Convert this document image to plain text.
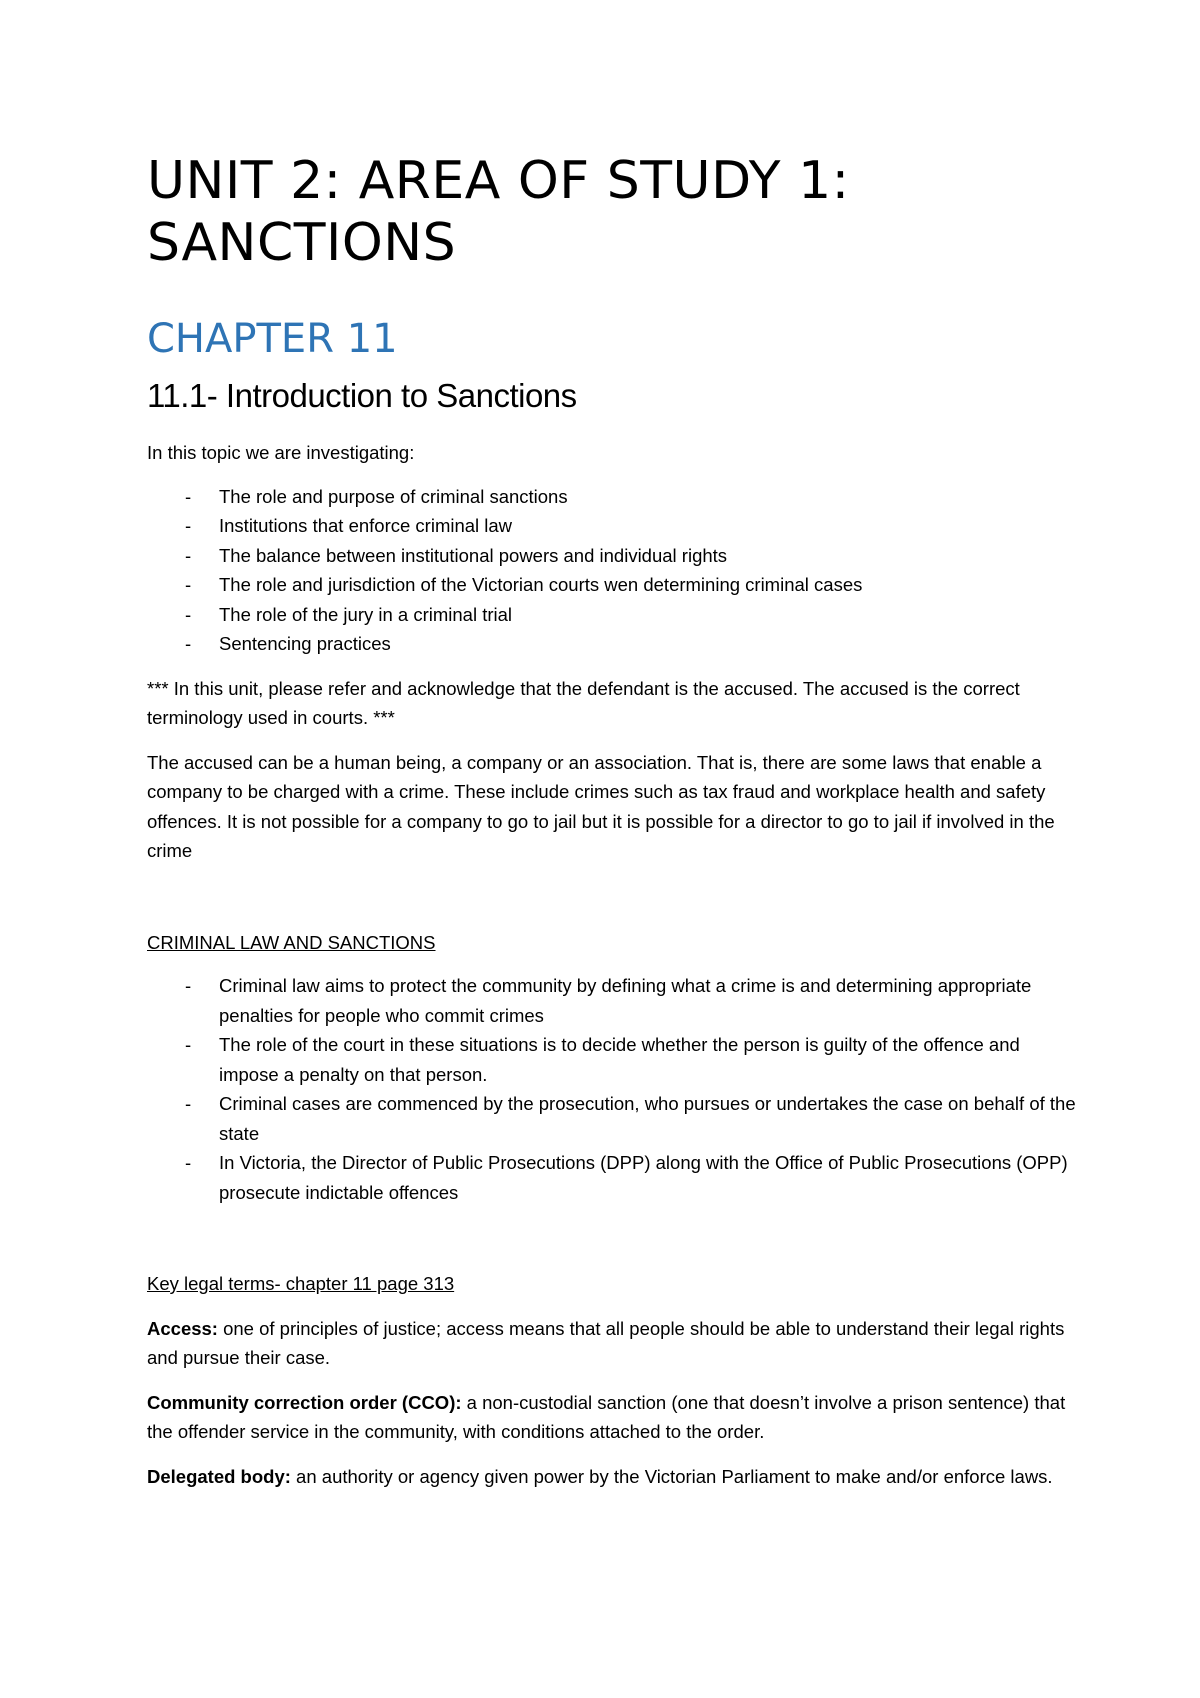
UNIT 2: AREA OF STUDY 1:
SANCTIONS
CHAPTER 11
11.1- Introduction to Sanctions

In this topic we are investigating:

- The role and purpose of criminal sanctions
- Institutions that enforce criminal law
- The balance between institutional powers and individual rights
- The role and jurisdiction of the Victorian courts wen determining criminal cases
- The role of the jury in a criminal trial
- Sentencing practices

*** In this unit, please refer and acknowledge that the defendant is the accused. The accused is the correct terminology used in courts. ***

The accused can be a human being, a company or an association. That is, there are some laws that enable a company to be charged with a crime. These include crimes such as tax fraud and workplace health and safety offences. It is not possible for a company to go to jail but it is possible for a director to go to jail if involved in the crime

CRIMINAL LAW AND SANCTIONS

- Criminal law aims to protect the community by defining what a crime is and determining appropriate penalties for people who commit crimes
- The role of the court in these situations is to decide whether the person is guilty of the offence and impose a penalty on that person.
- Criminal cases are commenced by the prosecution, who pursues or undertakes the case on behalf of the state
- In Victoria, the Director of Public Prosecutions (DPP) along with the Office of Public Prosecutions (OPP) prosecute indictable offences

Key legal terms- chapter 11 page 313

Access: one of principles of justice; access means that all people should be able to understand their legal rights and pursue their case.

Community correction order (CCO): a non-custodial sanction (one that doesn’t involve a prison sentence) that the offender service in the community, with conditions attached to the order.

Delegated body: an authority or agency given power by the Victorian Parliament to make and/or enforce laws.
